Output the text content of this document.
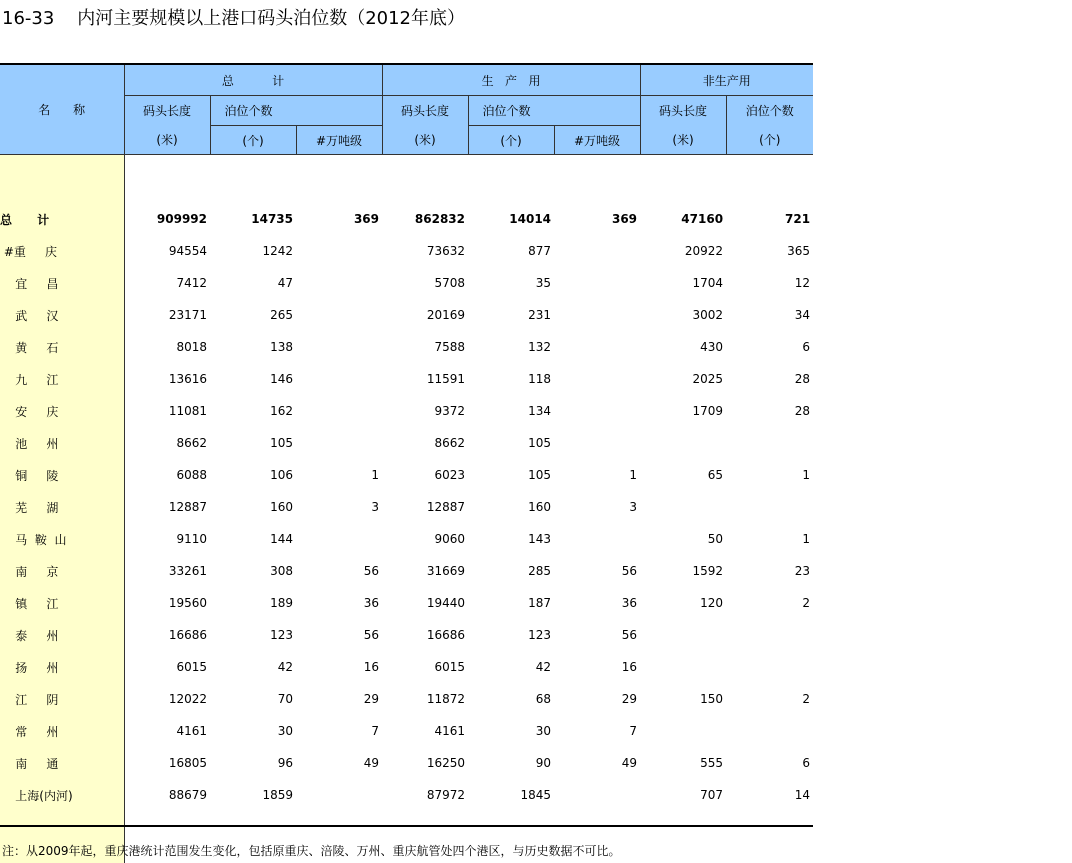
16-33    内河主要规模以上港口码头泊位数（2012年底）
名      称	总          计			生   产   用			非生产用	
	码头长度	泊位个数		码头长度	泊位个数		码头长度	泊位个数
	(米)	(个)	#万吨级	(米)	(个)	#万吨级	(米)	(个)

总      计	909992	14735	369	862832	14014	369	47160	721
#重     庆	94554	1242		73632	877		20922	365
宜     昌	7412	47		5708	35		1704	12
武     汉	23171	265		20169	231		3002	34
黄     石	8018	138		7588	132		430	6
九     江	13616	146		11591	118		2025	28
安     庆	11081	162		9372	134		1709	28
池     州	8662	105		8662	105			
铜     陵	6088	106	1	6023	105	1	65	1
芜     湖	12887	160	3	12887	160	3		
马  鞍  山	9110	144		9060	143		50	1
南     京	33261	308	56	31669	285	56	1592	23
镇     江	19560	189	36	19440	187	36	120	2
泰     州	16686	123	56	16686	123	56		
扬     州	6015	42	16	6015	42	16		
江     阴	12022	70	29	11872	68	29	150	2
常     州	4161	30	7	4161	30	7		
南     通	16805	96	49	16250	90	49	555	6
上海(内河)	88679	1859		87972	1845		707	14

注：从2009年起，重庆港统计范围发生变化，包括原重庆、涪陵、万州、重庆航管处四个港区，与历史数据不可比。
